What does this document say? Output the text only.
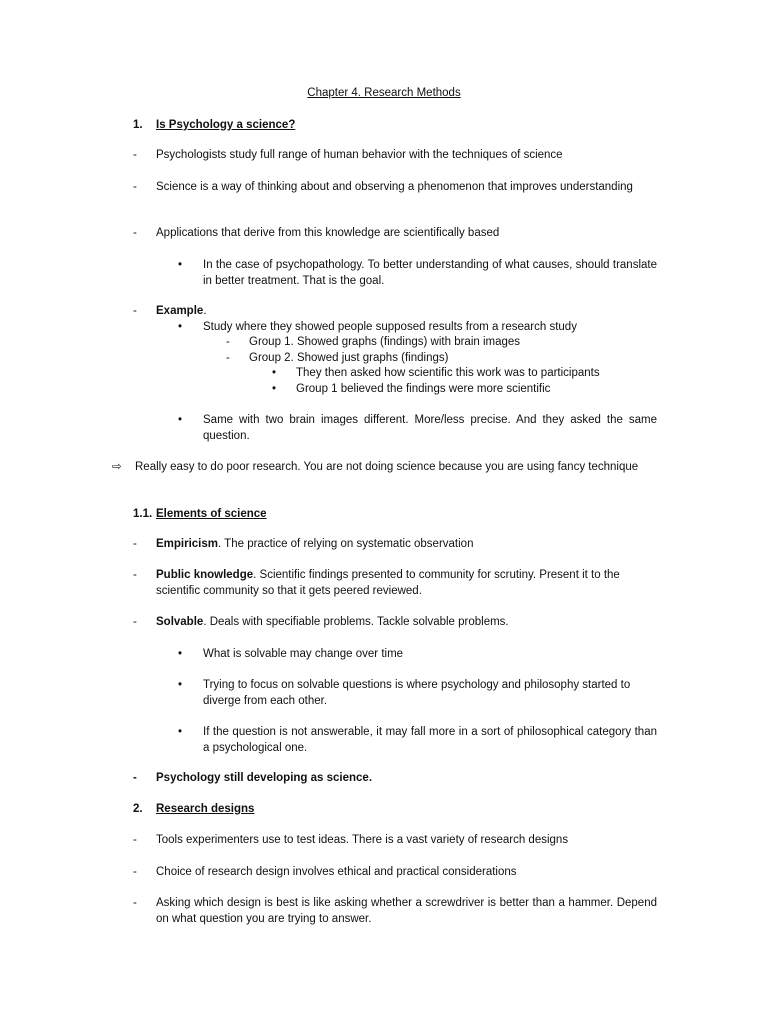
Chapter 4. Research Methods
1. Is Psychology a science?
- Psychologists study full range of human behavior with the techniques of science
- Science is a way of thinking about and observing a phenomenon that improves understanding
- Applications that derive from this knowledge are scientifically based
• In the case of psychopathology. To better understanding of what causes, should translate in better treatment. That is the goal.
- Example.
• Study where they showed people supposed results from a research study
- Group 1. Showed graphs (findings) with brain images
- Group 2. Showed just graphs (findings)
• They then asked how scientific this work was to participants
• Group 1 believed the findings were more scientific
• Same with two brain images different. More/less precise. And they asked the same question.
⇨ Really easy to do poor research. You are not doing science because you are using fancy technique
1.1. Elements of science
- Empiricism. The practice of relying on systematic observation
- Public knowledge. Scientific findings presented to community for scrutiny. Present it to the scientific community so that it gets peered reviewed.
- Solvable. Deals with specifiable problems. Tackle solvable problems.
• What is solvable may change over time
• Trying to focus on solvable questions is where psychology and philosophy started to diverge from each other.
• If the question is not answerable, it may fall more in a sort of philosophical category than a psychological one.
- Psychology still developing as science.
2. Research designs
- Tools experimenters use to test ideas. There is a vast variety of research designs
- Choice of research design involves ethical and practical considerations
- Asking which design is best is like asking whether a screwdriver is better than a hammer. Depend on what question you are trying to answer.
